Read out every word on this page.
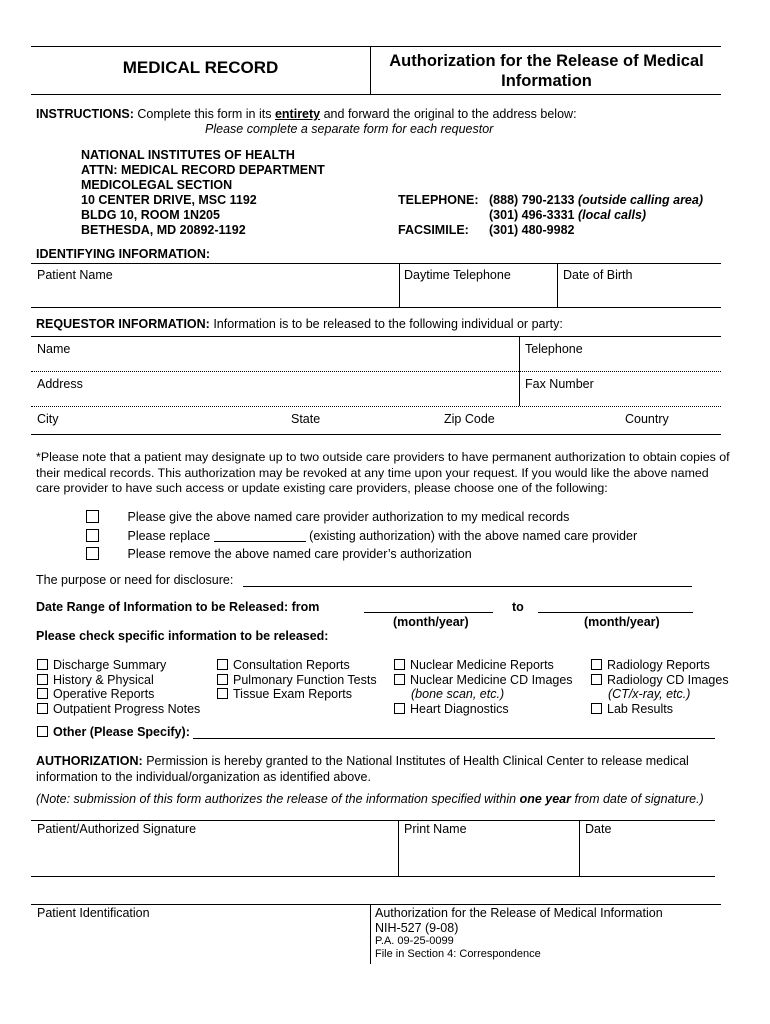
MEDICAL RECORD	Authorization for the Release of Medical Information
INSTRUCTIONS: Complete this form in its entirety and forward the original to the address below:
Please complete a separate form for each requestor
NATIONAL INSTITUTES OF HEALTH
ATTN: MEDICAL RECORD DEPARTMENT
MEDICOLEGAL SECTION
10 CENTER DRIVE, MSC 1192
BLDG 10, ROOM 1N205
BETHESDA, MD 20892-1192
TELEPHONE: (888) 790-2133 (outside calling area)
(301) 496-3331 (local calls)
FACSIMILE: (301) 480-9982
IDENTIFYING INFORMATION:
Patient Name	Daytime Telephone	Date of Birth
REQUESTOR INFORMATION: Information is to be released to the following individual or party:
Name	Telephone
Address	Fax Number
City	State	Zip Code	Country
*Please note that a patient may designate up to two outside care providers to have permanent authorization to obtain copies of their medical records. This authorization may be revoked at any time upon your request. If you would like the above named care provider to have such access or update existing care providers, please choose one of the following:
Please give the above named care provider authorization to my medical records
Please replace	(existing authorization) with the above named care provider
Please remove the above named care provider’s authorization
The purpose or need for disclosure:
Date Range of Information to be Released: from	to
(month/year)	(month/year)
Please check specific information to be released:
Discharge Summary
History & Physical
Operative Reports
Outpatient Progress Notes
Consultation Reports
Pulmonary Function Tests
Tissue Exam Reports
Nuclear Medicine Reports
Nuclear Medicine CD Images
(bone scan, etc.)
Heart Diagnostics
Radiology Reports
Radiology CD Images
(CT/x-ray, etc.)
Lab Results
Other (Please Specify):
AUTHORIZATION: Permission is hereby granted to the National Institutes of Health Clinical Center to release medical information to the individual/organization as identified above.
(Note: submission of this form authorizes the release of the information specified within one year from date of signature.)
Patient/Authorized Signature	Print Name	Date
Patient Identification	Authorization for the Release of Medical Information
NIH-527 (9-08)
P.A. 09-25-0099
File in Section 4: Correspondence
